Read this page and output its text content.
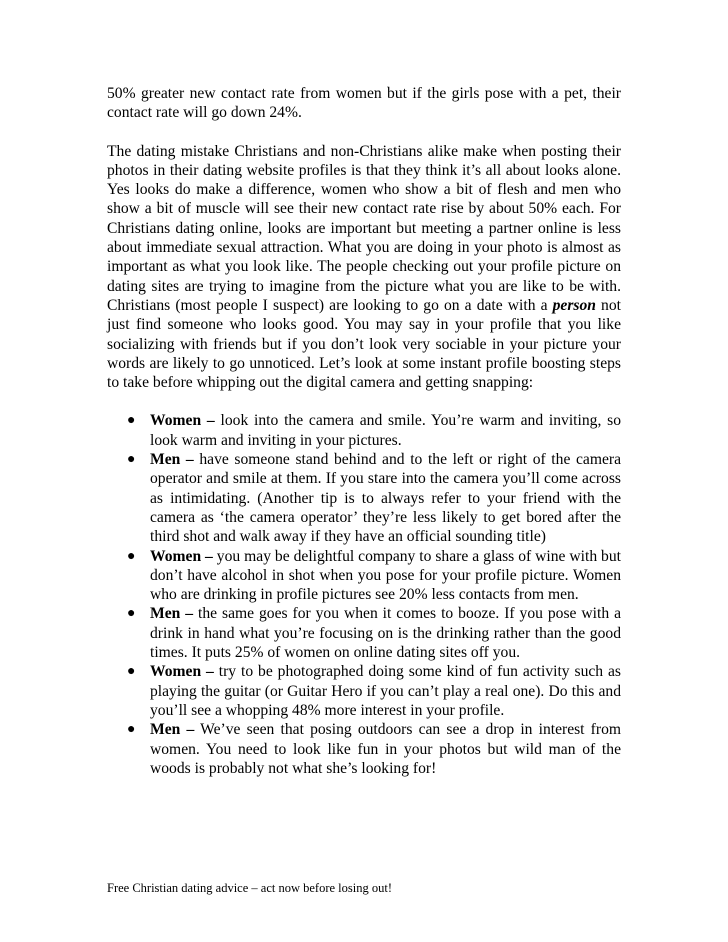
50% greater new contact rate from women but if the girls pose with a pet, their contact rate will go down 24%.

The dating mistake Christians and non-Christians alike make when posting their photos in their dating website profiles is that they think it’s all about looks alone. Yes looks do make a difference, women who show a bit of flesh and men who show a bit of muscle will see their new contact rate rise by about 50% each. For Christians dating online, looks are important but meeting a partner online is less about immediate sexual attraction. What you are doing in your photo is almost as important as what you look like. The people checking out your profile picture on dating sites are trying to imagine from the picture what you are like to be with. Christians (most people I suspect) are looking to go on a date with a person not just find someone who looks good. You may say in your profile that you like socializing with friends but if you don’t look very sociable in your picture your words are likely to go unnoticed. Let’s look at some instant profile boosting steps to take before whipping out the digital camera and getting snapping:

● Women – look into the camera and smile. You’re warm and inviting, so look warm and inviting in your pictures.
● Men – have someone stand behind and to the left or right of the camera operator and smile at them. If you stare into the camera you’ll come across as intimidating. (Another tip is to always refer to your friend with the camera as ‘the camera operator’ they’re less likely to get bored after the third shot and walk away if they have an official sounding title)
● Women – you may be delightful company to share a glass of wine with but don’t have alcohol in shot when you pose for your profile picture. Women who are drinking in profile pictures see 20% less contacts from men.
● Men – the same goes for you when it comes to booze. If you pose with a drink in hand what you’re focusing on is the drinking rather than the good times. It puts 25% of women on online dating sites off you.
● Women – try to be photographed doing some kind of fun activity such as playing the guitar (or Guitar Hero if you can’t play a real one). Do this and you’ll see a whopping 48% more interest in your profile.
● Men – We’ve seen that posing outdoors can see a drop in interest from women. You need to look like fun in your photos but wild man of the woods is probably not what she’s looking for!
Free Christian dating advice – act now before losing out!
